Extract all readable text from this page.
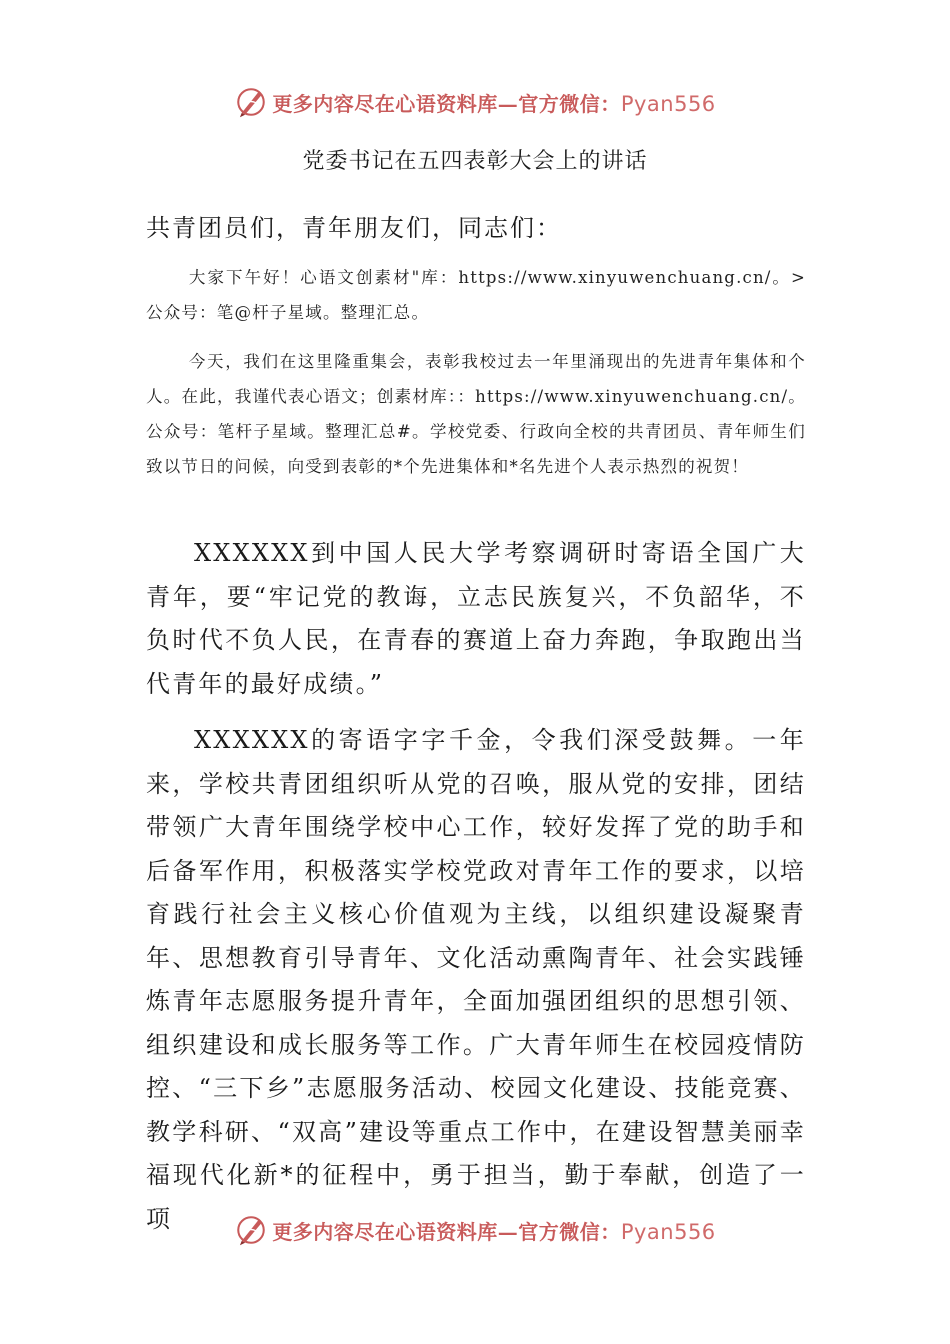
更多内容尽在心语资料库—官方微信：Pyan556
党委书记在五四表彰大会上的讲话
共青团员们，青年朋友们，同志们：

大家下午好！心语文创素材"库：https://www.xinyuwenchuang.cn/。>公众号：笔@杆子星域。整理汇总。

今天，我们在这里隆重集会，表彰我校过去一年里涌现出的先进青年集体和个人。在此，我谨代表心语文；创素材库：：https://www.xinyuwenchuang.cn/。公众号：笔杆子星域。整理汇总#。学校党委、行政向全校的共青团员、青年师生们致以节日的问候，向受到表彰的*个先进集体和*名先进个人表示热烈的祝贺！

XXXXXX到中国人民大学考察调研时寄语全国广大青年，要“牢记党的教诲，立志民族复兴，不负韶华，不负时代不负人民，在青春的赛道上奋力奔跑，争取跑出当代青年的最好成绩。”

XXXXXX的寄语字字千金，令我们深受鼓舞。一年来，学校共青团组织听从党的召唤，服从党的安排，团结带领广大青年围绕学校中心工作，较好发挥了党的助手和后备军作用，积极落实学校党政对青年工作的要求，以培育践行社会主义核心价值观为主线，以组织建设凝聚青年、思想教育引导青年、文化活动熏陶青年、社会实践锤炼青年志愿服务提升青年，全面加强团组织的思想引领、组织建设和成长服务等工作。广大青年师生在校园疫情防控、“三下乡”志愿服务活动、校园文化建设、技能竞赛、教学科研、“双高”建设等重点工作中，在建设智慧美丽幸福现代化新*的征程中，勇于担当，勤于奉献，创造了一项	更多内容尽在心语资料库—官方微信：Pyan556
